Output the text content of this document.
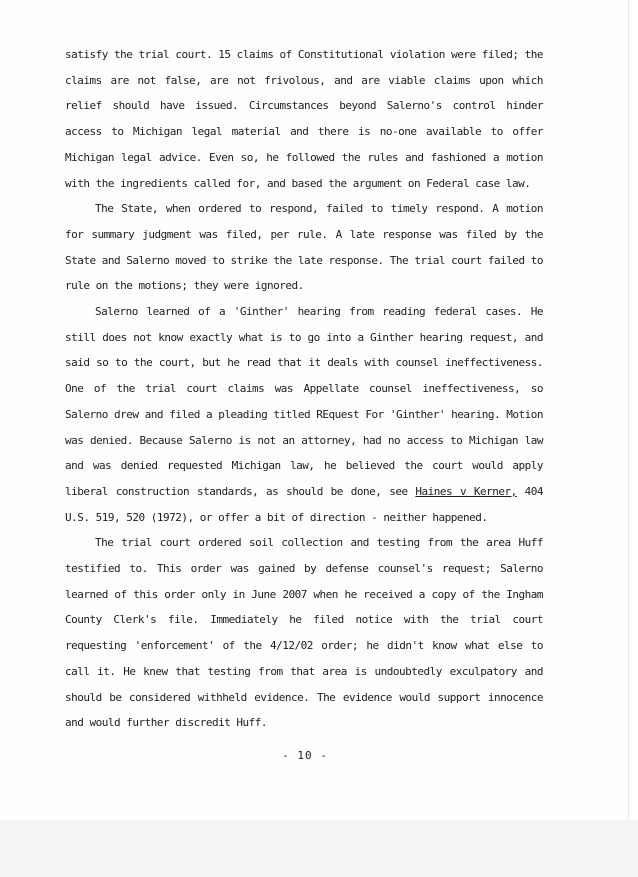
satisfy the trial court. 15 claims of Constitutional violation were filed; the claims are not false, are not frivolous, and are viable claims upon which relief should have issued. Circumstances beyond Salerno's control hinder access to Michigan legal material and there is no-one available to offer Michigan legal advice. Even so, he followed the rules and fashioned a motion with the ingredients called for, and based the argument on Federal case law.

The State, when ordered to respond, failed to timely respond. A motion for summary judgment was filed, per rule. A late response was filed by the State and Salerno moved to strike the late response. The trial court failed to rule on the motions; they were ignored.

Salerno learned of a 'Ginther' hearing from reading federal cases. He still does not know exactly what is to go into a Ginther hearing request, and said so to the court, but he read that it deals with counsel ineffectiveness. One of the trial court claims was Appellate counsel ineffectiveness, so Salerno drew and filed a pleading titled REquest For 'Ginther' hearing. Motion was denied. Because Salerno is not an attorney, had no access to Michigan law and was denied requested Michigan law, he believed the court would apply liberal construction standards, as should be done, see Haines v Kerner, 404 U.S. 519, 520 (1972), or offer a bit of direction - neither happened.

The trial court ordered soil collection and testing from the area Huff testified to. This order was gained by defense counsel's request; Salerno learned of this order only in June 2007 when he received a copy of the Ingham County Clerk's file. Immediately he filed notice with the trial court requesting 'enforcement' of the 4/12/02 order; he didn't know what else to call it. He knew that testing from that area is undoubtedly exculpatory and should be considered withheld evidence. The evidence would support innocence and would further discredit Huff.

- 10 -
